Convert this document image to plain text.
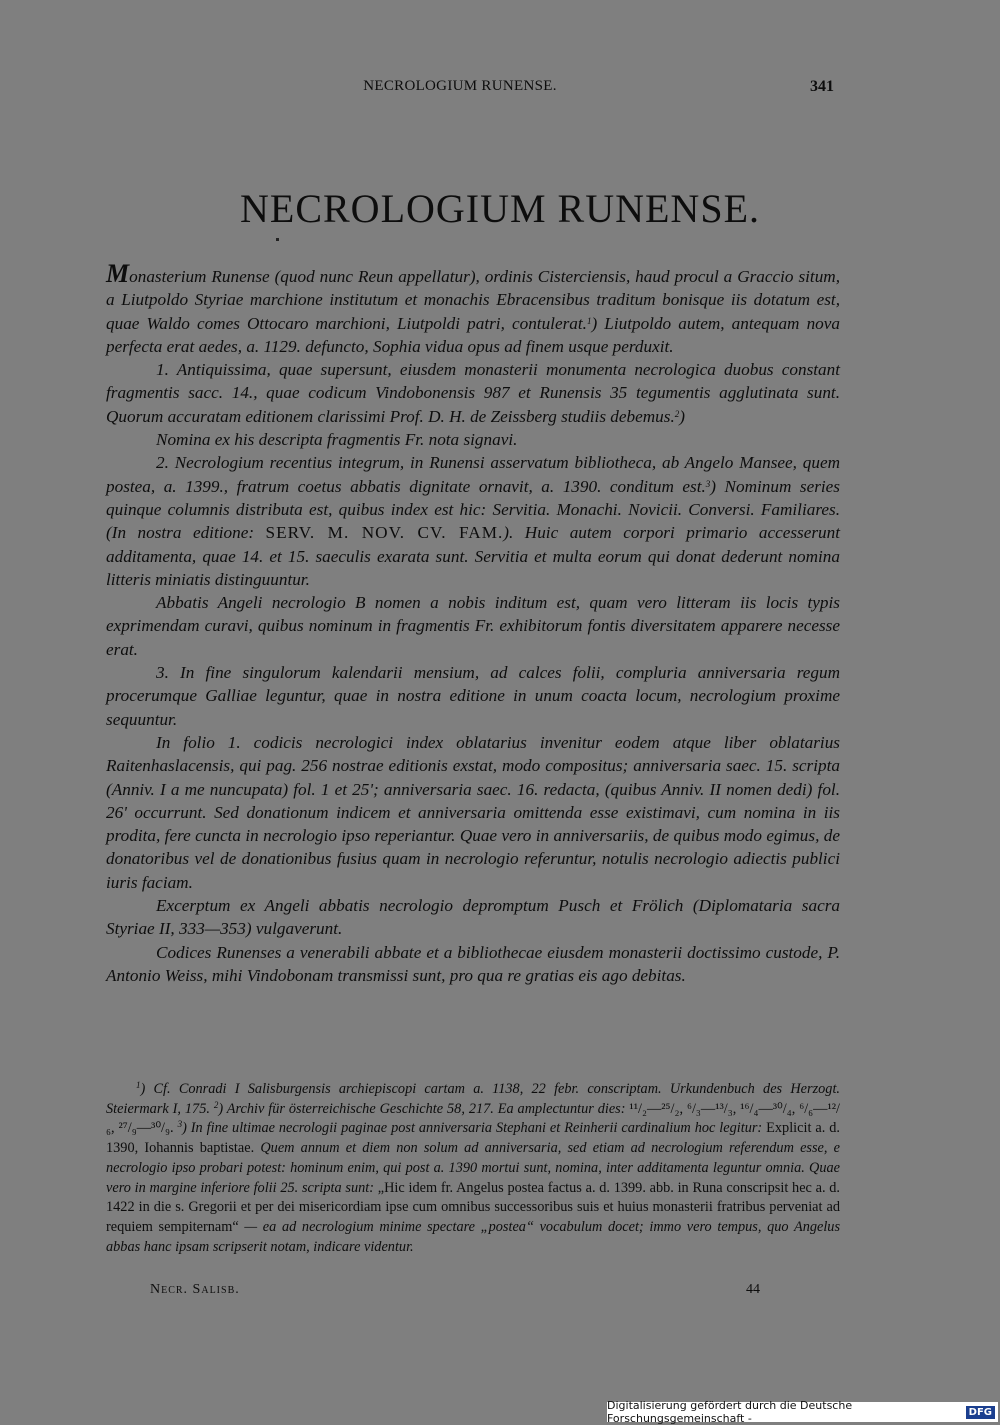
NECROLOGIUM RUNENSE.	341
NECROLOGIUM RUNENSE.

Monasterium Runense (quod nunc Reun appellatur), ordinis Cisterciensis, haud procul a Graccio situm, a Liutpoldo Styriae marchione institutum et monachis Ebracensibus traditum bonisque iis dotatum est, quae Waldo comes Ottocaro marchioni, Liutpoldi patri, contulerat.$^1$) Liutpoldo autem, antequam nova perfecta erat aedes, a. 1129. defuncto, Sophia vidua opus ad finem usque perduxit.

1. Antiquissima, quae supersunt, eiusdem monasterii monumenta necrologica duobus constant fragmentis sacc. 14., quae codicum Vindobonensis 987 et Runensis 35 tegumentis agglutinata sunt. Quorum accuratam editionem clarissimi Prof. D. H. de Zeissberg studiis debemus.$^2$)

Nomina ex his descripta fragmentis Fr. nota signavi.

2. Necrologium recentius integrum, in Runensi asservatum bibliotheca, ab Angelo Mansee, quem postea, a. 1399., fratrum coetus abbatis dignitate ornavit, a. 1390. conditum est.$^3$) Nominum series quinque columnis distributa est, quibus index est hic: Servitia. Monachi. Novicii. Conversi. Familiares. (In nostra editione: SERV. M. NOV. CV. FAM.). Huic autem corpori primario accesserunt additamenta, quae 14. et 15. saeculis exarata sunt. Servitia et multa eorum qui donat dederunt nomina litteris miniatis distinguuntur.

Abbatis Angeli necrologio B nomen a nobis inditum est, quam vero litteram iis locis typis exprimendam curavi, quibus nominum in fragmentis Fr. exhibitorum fontis diversitatem apparere necesse erat.

3. In fine singulorum kalendarii mensium, ad calces folii, compluria anniversaria regum procerumque Galliae leguntur, quae in nostra editione in unum coacta locum, necrologium proxime sequuntur.

In folio 1. codicis necrologici index oblatarius invenitur eodem atque liber oblatarius Raitenhaslacensis, qui pag. 256 nostrae editionis exstat, modo compositus; anniversaria saec. 15. scripta (Anniv. I a me nuncupata) fol. 1 et 25'; anniversaria saec. 16. redacta, (quibus Anniv. II nomen dedi) fol. 26' occurrunt. Sed donationum indicem et anniversaria omittenda esse existimavi, cum nomina in iis prodita, fere cuncta in necrologio ipso reperiantur. Quae vero in anniversariis, de quibus modo egimus, de donatoribus vel de donationibus fusius quam in necrologio referuntur, notulis necrologio adiectis publici iuris faciam.

Excerptum ex Angeli abbatis necrologio depromptum Pusch et Frölich (Diplomataria sacra Styriae II, 333—353) vulgaverunt.

Codices Runenses a venerabili abbate et a bibliothecae eiusdem monasterii doctissimo custode, P. Antonio Weiss, mihi Vindobonam transmissi sunt, pro qua re gratias eis ago debitas.

$^1$) Cf. Conradi I Salisburgensis archiepiscopi cartam a. 1138, 22 febr. conscriptam. Urkundenbuch des Herzogt. Steiermark I, 175. $^2$) Archiv für österreichische Geschichte 58, 217. Ea amplectuntur dies: ¹¹/₂—²⁵/₂, ⁶/₃—¹³/₃, ¹⁶/₄—³⁰/₄, ⁶/₆—¹²/₆, ²⁷/₉—³⁰/₉. $^3$) In fine ultimae necrologii paginae post anniversaria Stephani et Reinherii cardinalium hoc legitur: Explicit a. d. 1390, Iohannis baptistae. Quem annum et diem non solum ad anniversaria, sed etiam ad necrologium referendum esse, e necrologio ipso probari potest: hominum enim, qui post a. 1390 mortui sunt, nomina, inter additamenta leguntur omnia. Quae vero in margine inferiore folii 25. scripta sunt: „Hic idem fr. Angelus postea factus a. d. 1399. abb. in Runa conscripsit hec a. d. 1422 in die s. Gregorii et per dei misericordiam ipse cum omnibus successoribus suis et huius monasterii fratribus perveniat ad requiem sempiternam“ — ea ad necrologium minime spectare „postea“ vocabulum docet; immo vero tempus, quo Angelus abbas hanc ipsam scripserit notam, indicare videntur.

Necr. Salisb.	44
Digitalisierung gefördert durch die Deutsche Forschungsgemeinschaft -	DFG
